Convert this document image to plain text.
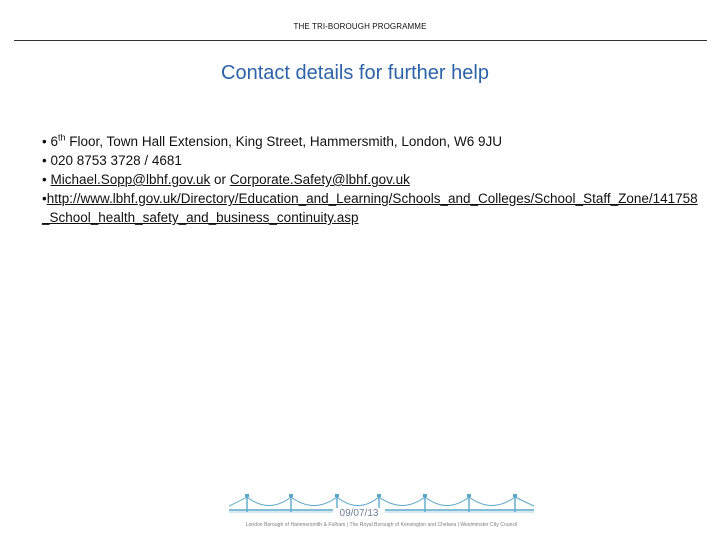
THE TRI-BOROUGH PROGRAMME
Contact details for further help
• 6th Floor, Town Hall Extension, King Street, Hammersmith, London, W6 9JU
• 020 8753 3728 / 4681
• Michael.Sopp@lbhf.gov.uk or Corporate.Safety@lbhf.gov.uk
•http://www.lbhf.gov.uk/Directory/Education_and_Learning/Schools_and_Colleges/School_Staff_Zone/141758_School_health_safety_and_business_continuity.asp
09/07/13
London Borough of Hammersmith & Fulham | The Royal Borough of Kensington and Chelsea | Westminster City Council
